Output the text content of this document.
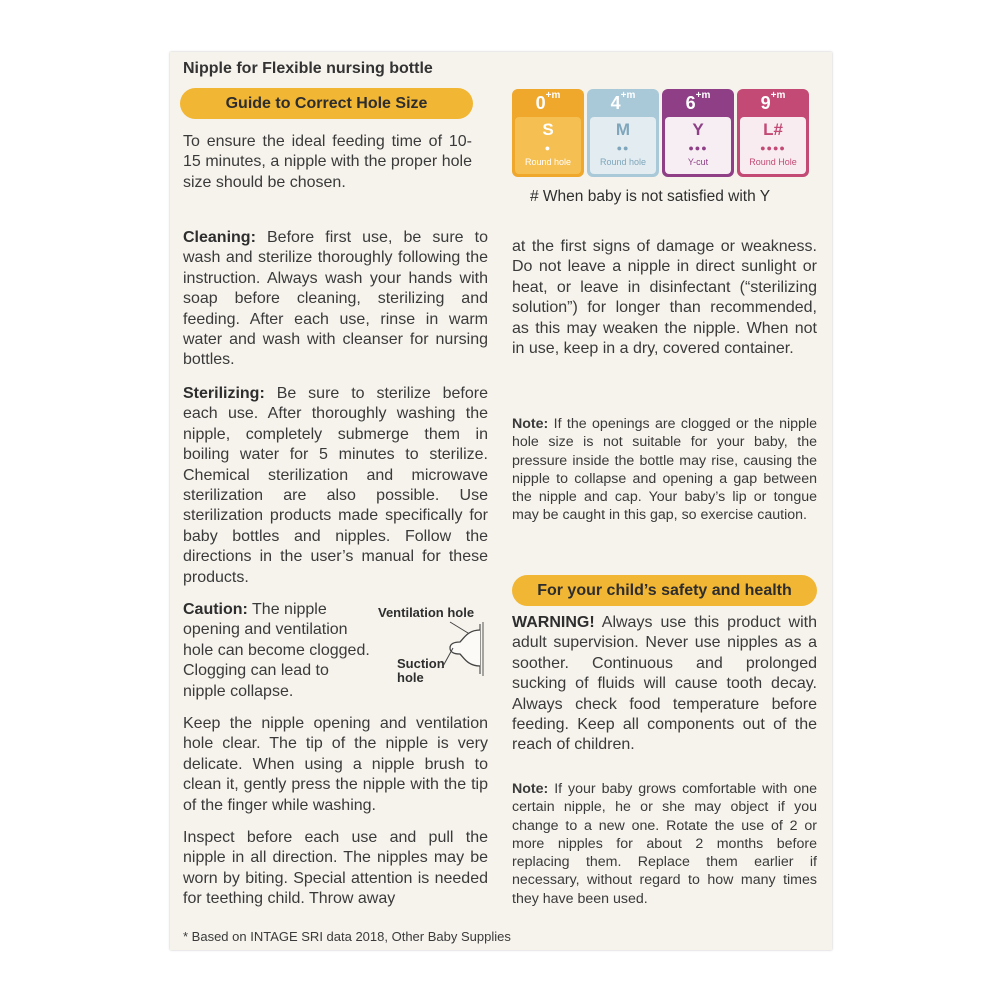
Nipple for Flexible nursing bottle
Guide to Correct Hole Size
To ensure the ideal feeding time of 10-15 minutes, a nipple with the proper hole size should be chosen.
Cleaning: Before first use, be sure to wash and sterilize thoroughly following the instruction. Always wash your hands with soap before cleaning, sterilizing and feeding. After each use, rinse in warm water and wash with cleanser for nursing bottles.
Sterilizing: Be sure to sterilize before each use. After thoroughly washing the nipple, completely submerge them in boiling water for 5 minutes to sterilize. Chemical sterilization and microwave sterilization are also possible. Use sterilization products made specifically for baby bottles and nipples. Follow the directions in the user’s manual for these products.
Caution: The nipple opening and ventilation hole can become clogged. Clogging can lead to nipple collapse.
Ventilation hole
Suction hole
Keep the nipple opening and ventilation hole clear. The tip of the nipple is very delicate. When using a nipple brush to clean it, gently press the nipple with the tip of the finger while washing.
Inspect before each use and pull the nipple in all direction. The nipples may be worn by biting. Special attention is needed for teething child. Throw away
$0^{+m}$
S
●
Round hole
$4^{+m}$
M
●●
Round hole
$6^{+m}$
Y
●●●
Y-cut
$9^{+m}$
L#
●●●●
Round Hole
# When baby is not satisfied with Y
at the first signs of damage or weakness. Do not leave a nipple in direct sunlight or heat, or leave in disinfectant (“sterilizing solution”) for longer than recommended, as this may weaken the nipple. When not in use, keep in a dry, covered container.
Note: If the openings are clogged or the nipple hole size is not suitable for your baby, the pressure inside the bottle may rise, causing the nipple to collapse and opening a gap between the nipple and cap. Your baby’s lip or tongue may be caught in this gap, so exercise caution.
For your child’s safety and health
WARNING! Always use this product with adult supervision. Never use nipples as a soother. Continuous and prolonged sucking of fluids will cause tooth decay. Always check food temperature before feeding. Keep all components out of the reach of children.
Note: If your baby grows comfortable with one certain nipple, he or she may object if you change to a new one. Rotate the use of 2 or more nipples for about 2 months before replacing them. Replace them earlier if necessary, without regard to how many times they have been used.
* Based on INTAGE SRI data 2018, Other Baby Supplies
